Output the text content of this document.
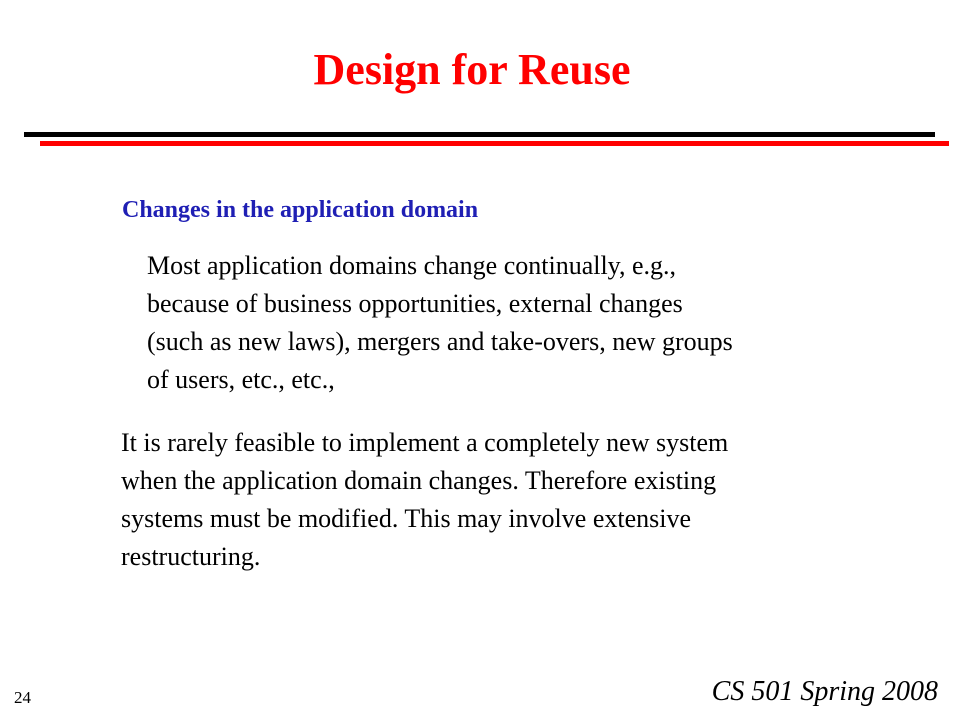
Design for Reuse
Changes in the application domain

Most application domains change continually, e.g.,
because of business opportunities, external changes
(such as new laws), mergers and take-overs, new groups
of users, etc., etc.,

It is rarely feasible to implement a completely new system
when the application domain changes. Therefore existing
systems must be modified. This may involve extensive
restructuring.

24	CS 501 Spring 2008
